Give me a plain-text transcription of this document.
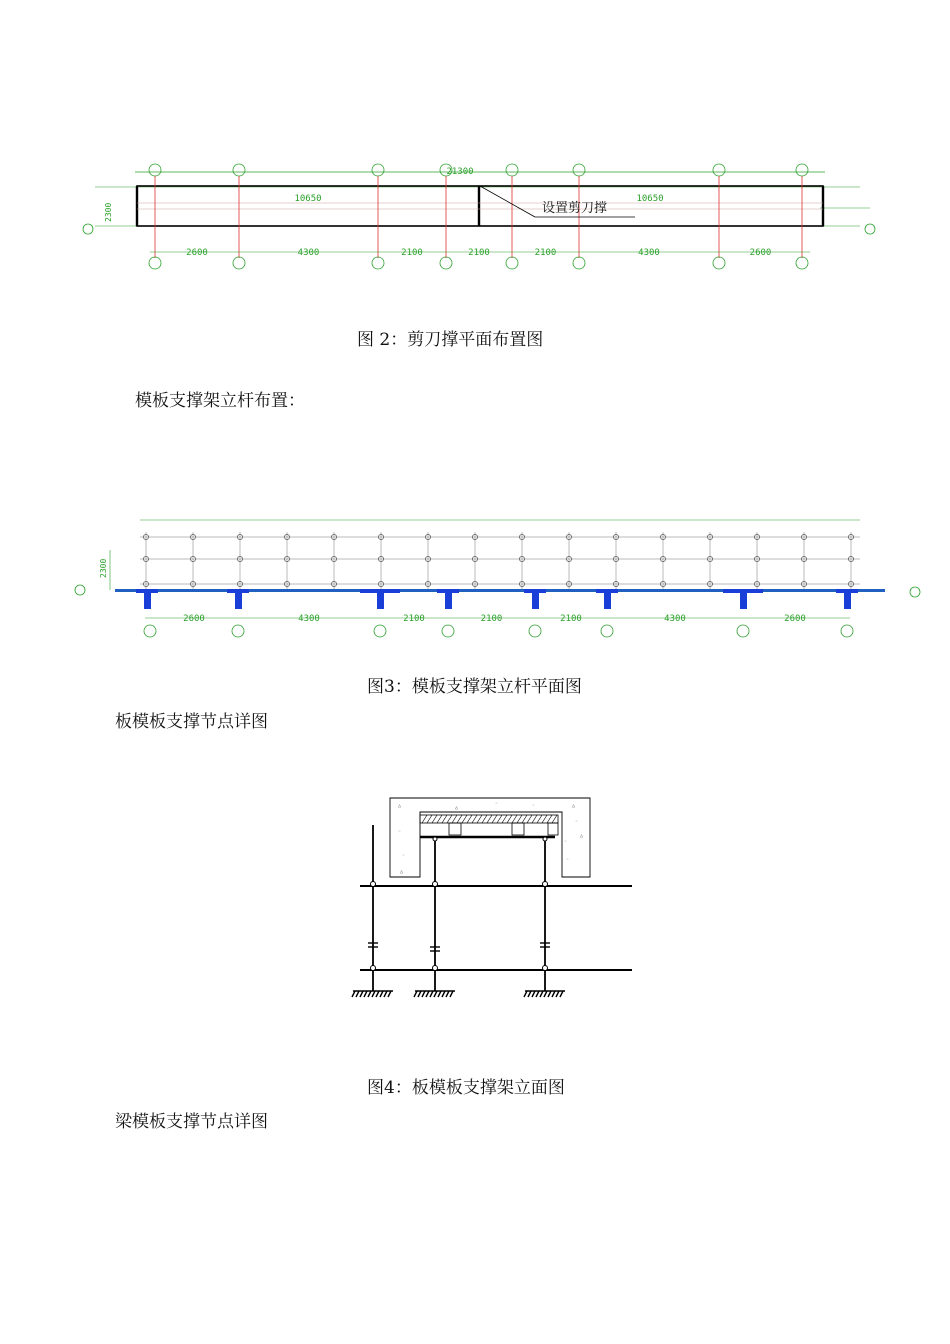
21300
2300
10650	10650
设置剪刀撑
2600	4300	2100	2100	2100	4300	2600
图 2：剪刀撑平面布置图
模板支撑架立杆布置：
2300
2600	4300	2100	2100	2100	4300	2600
图3：模板支撑架立杆平面图
板模板支撑节点详图
△	△
◦	◦	△
◦
△
◦
◦
△
◦
◦
图4：板模板支撑架立面图
梁模板支撑节点详图
